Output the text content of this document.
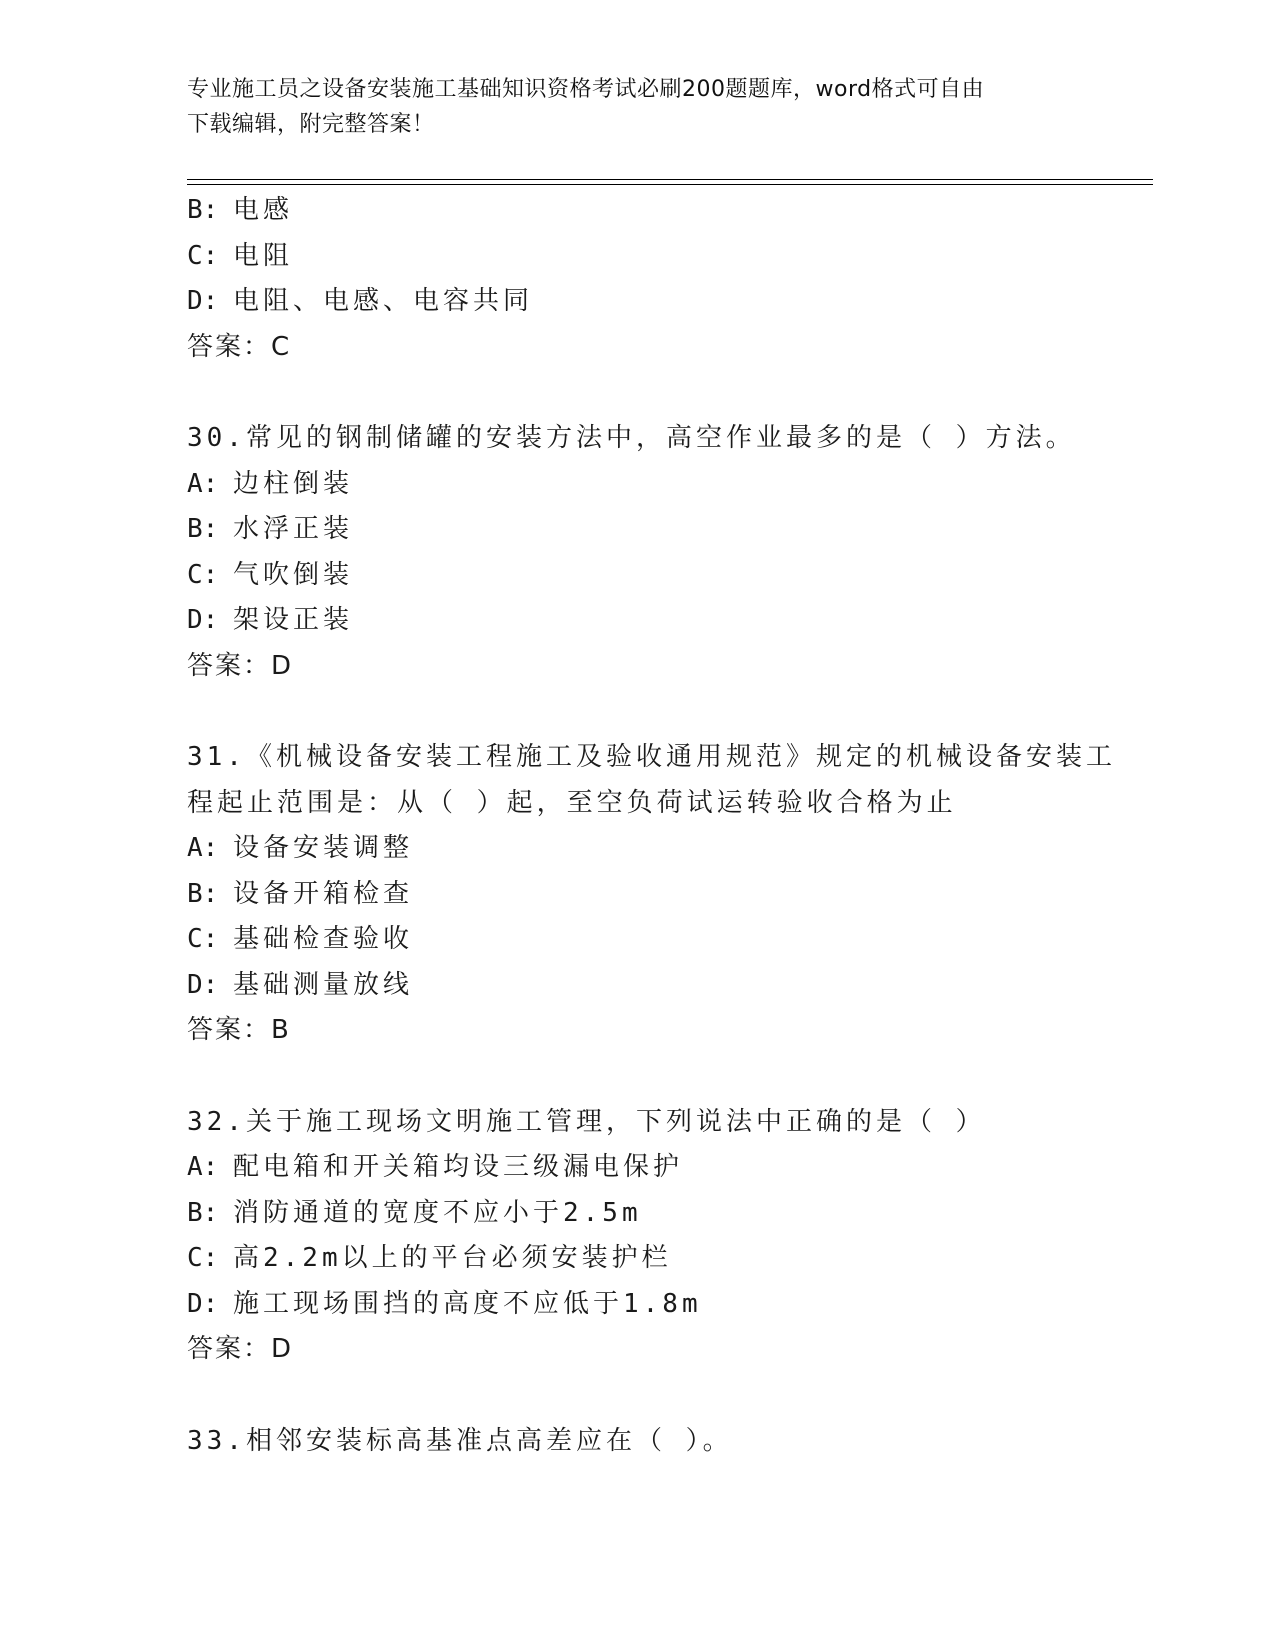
专业施工员之设备安装施工基础知识资格考试必刷200题题库，word格式可自由
下载编辑，附完整答案！
B: 电感
C: 电阻
D: 电阻、电感、电容共同
答案：C
30.常见的钢制储罐的安装方法中，高空作业最多的是（ ）方法。
A: 边柱倒装
B: 水浮正装
C: 气吹倒装
D: 架设正装
答案：D
31.《机械设备安装工程施工及验收通用规范》规定的机械设备安装工
程起止范围是：从（ ）起，至空负荷试运转验收合格为止
A: 设备安装调整
B: 设备开箱检查
C: 基础检查验收
D: 基础测量放线
答案：B
32.关于施工现场文明施工管理，下列说法中正确的是（ ）
A: 配电箱和开关箱均设三级漏电保护
B: 消防通道的宽度不应小于2.5m
C: 高2.2m以上的平台必须安装护栏
D: 施工现场围挡的高度不应低于1.8m
答案：D
33.相邻安装标高基准点高差应在（ ）。
